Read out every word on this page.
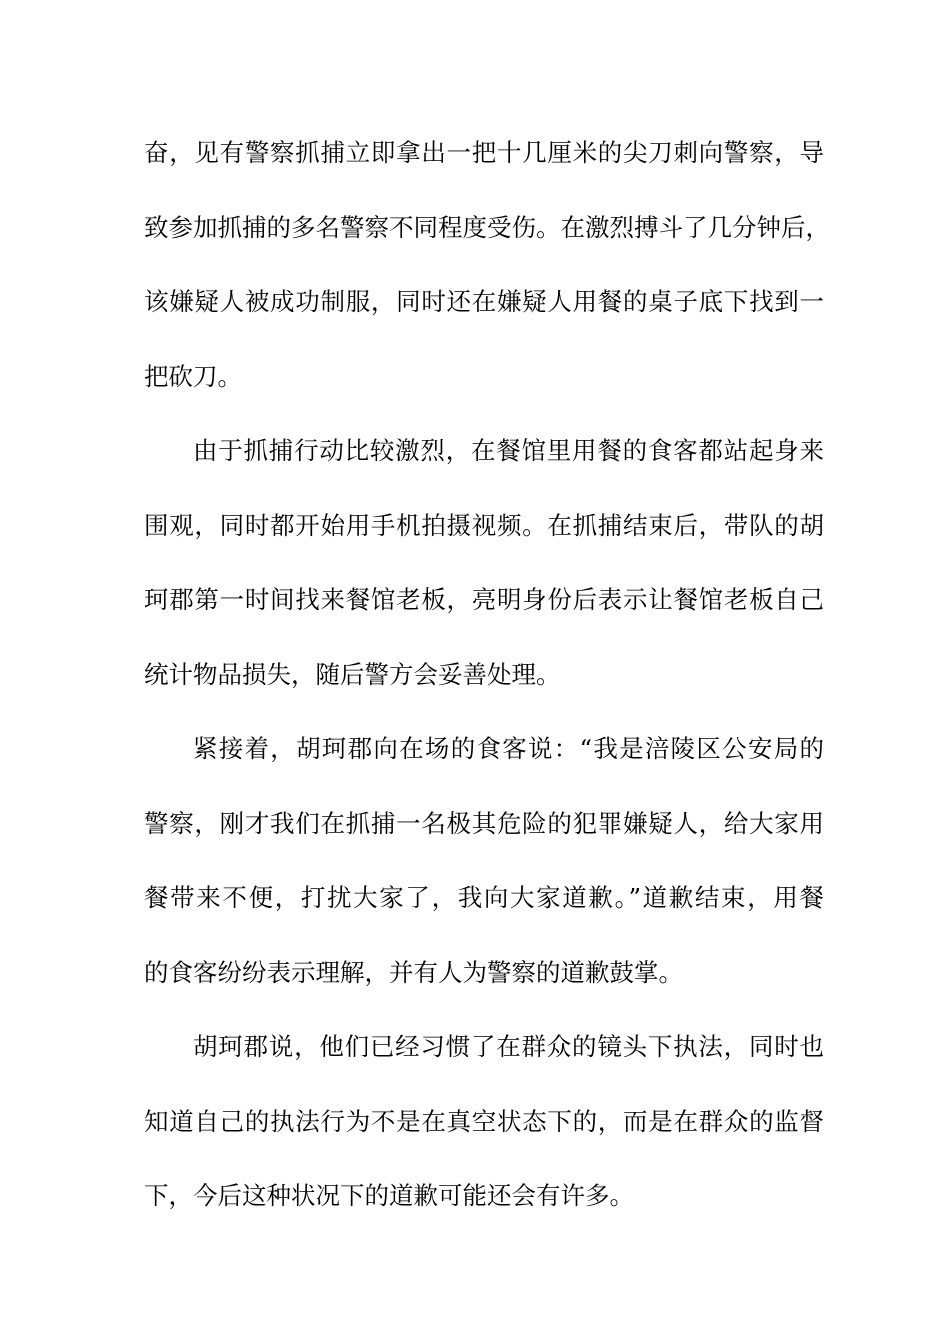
奋，见有警察抓捕立即拿出一把十几厘米的尖刀刺向警察，导
致参加抓捕的多名警察不同程度受伤。在激烈搏斗了几分钟后，
该嫌疑人被成功制服，同时还在嫌疑人用餐的桌子底下找到一
把砍刀。
由于抓捕行动比较激烈，在餐馆里用餐的食客都站起身来
围观，同时都开始用手机拍摄视频。在抓捕结束后，带队的胡
珂郡第一时间找来餐馆老板，亮明身份后表示让餐馆老板自己
统计物品损失，随后警方会妥善处理。
紧接着，胡珂郡向在场的食客说：“我是涪陵区公安局的
警察，刚才我们在抓捕一名极其危险的犯罪嫌疑人，给大家用
餐带来不便，打扰大家了，我向大家道歉。”道歉结束，用餐
的食客纷纷表示理解，并有人为警察的道歉鼓掌。
胡珂郡说，他们已经习惯了在群众的镜头下执法，同时也
知道自己的执法行为不是在真空状态下的，而是在群众的监督
下，今后这种状况下的道歉可能还会有许多。
